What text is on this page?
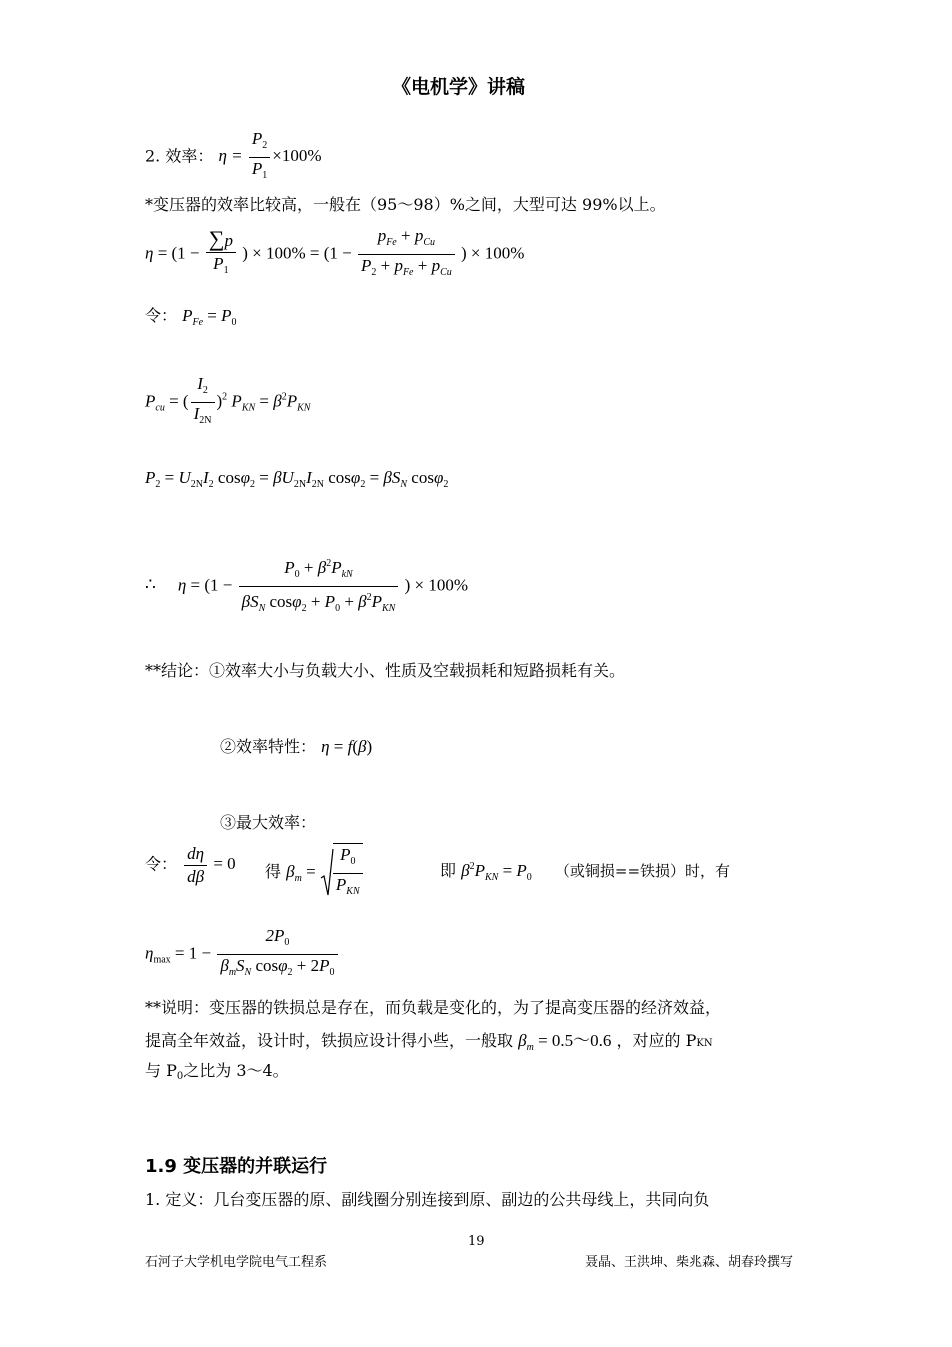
《电机学》讲稿
2. 效率： $\eta = \frac{P_2}{P_1} \times 100\%$
*变压器的效率比较高，一般在（95～98）%之间，大型可达 99%以上。
$\eta = (1 - \frac{\sum p}{P_1}$ ) × $100\% = (1 - \frac{p_{Fe} + p_{Cu}}{P_2 + p_{Fe} + p_{Cu}}$ ) × 100%
令： $P_{Fe} = P_0$
$P_{cu}$ = ( $\frac{I_2}{I_{2N}} )^2$ $P_{KN} = \beta^2P_{KN}$
$P_2 = U_{2N}I_2$ $\cos\varphi_2 = \beta U_{2N}I_{2N}$ $\cos\varphi_2 = \beta S_N$ cosφ$_2$
∴ $\eta = (1 - \frac{P_0 + \beta^2P_{kN}}{\beta S_N \cos\varphi_2 + P_0 + \beta^2P_{KN}}$ ) × 100%
**结论：①效率大小与负载大小、性质及空载损耗和短路损耗有关。
②效率特性： η = f(β)
③最大效率：
令： $\frac{d\eta}{d\beta} = 0$ 得 $\beta_m = \frac{P_0}{P_{KN}}$	即 $\beta^2P_{KN} = P_0$ （或铜损==铁损）时，有
$\eta_{max} = 1 - \frac{2P_0}{\beta_mS_N \cos\varphi_2 + 2P_0}$
**说明：变压器的铁损总是存在，而负载是变化的，为了提高变压器的经济效益，
提高全年效益，设计时，铁损应设计得小些，一般取 $\beta_m$ = 0.5～0.6 ，对应的 PKN
与 P0之比为 3～4。
1.9 变压器的并联运行
1. 定义：几台变压器的原、副线圈分别连接到原、副边的公共母线上，共同向负
19
石河子大学机电学院电气工程系	聂晶、王洪坤、柴兆森、胡春玲撰写
